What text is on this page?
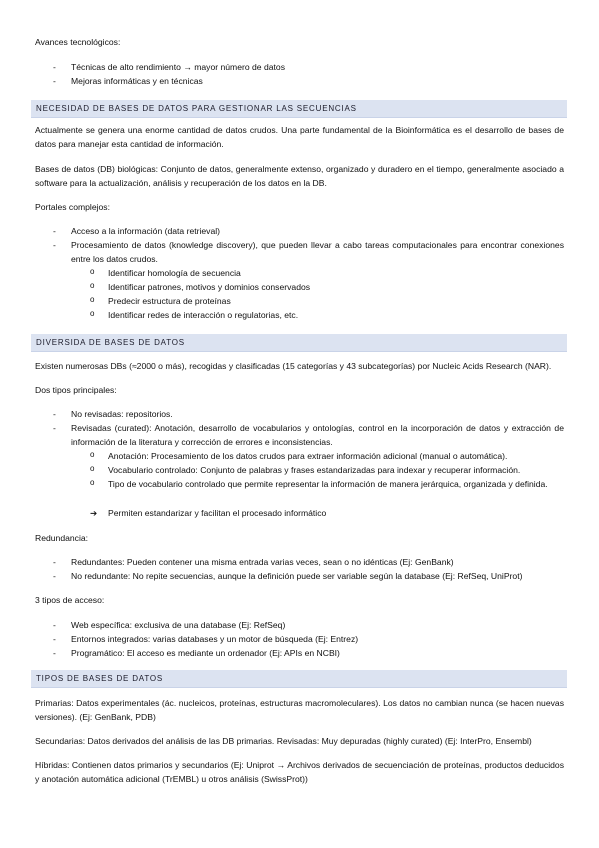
Avances tecnológicos:

- Técnicas de alto rendimiento → mayor número de datos
- Mejoras informáticas y en técnicas
NECESIDAD DE BASES DE DATOS PARA GESTIONAR LAS SECUENCIAS

Actualmente se genera una enorme cantidad de datos crudos. Una parte fundamental de la Bioinformática es el desarrollo de bases de datos para manejar esta cantidad de información.

Bases de datos (DB) biológicas: Conjunto de datos, generalmente extenso, organizado y duradero en el tiempo, generalmente asociado a software para la actualización, análisis y recuperación de los datos en la DB.

Portales complejos:

- Acceso a la información (data retrieval)
- Procesamiento de datos (knowledge discovery), que pueden llevar a cabo tareas computacionales para encontrar conexiones entre los datos crudos.
o Identificar homología de secuencia
o Identificar patrones, motivos y dominios conservados
o Predecir estructura de proteínas
o Identificar redes de interacción o regulatorias, etc.
DIVERSIDA DE BASES DE DATOS

Existen numerosas DBs (≈2000 o más), recogidas y clasificadas (15 categorías y 43 subcategorías) por Nucleic Acids Research (NAR).

Dos tipos principales:

- No revisadas: repositorios.
- Revisadas (curated): Anotación, desarrollo de vocabularios y ontologías, control en la incorporación de datos y extracción de información de la literatura y corrección de errores e inconsistencias.
o Anotación: Procesamiento de los datos crudos para extraer información adicional (manual o automática).
o Vocabulario controlado: Conjunto de palabras y frases estandarizadas para indexar y recuperar información.
o Tipo de vocabulario controlado que permite representar la información de manera jerárquica, organizada y definida.
➔ Permiten estandarizar y facilitan el procesado informático

Redundancia:

- Redundantes: Pueden contener una misma entrada varias veces, sean o no idénticas (Ej: GenBank)
- No redundante: No repite secuencias, aunque la definición puede ser variable según la database (Ej: RefSeq, UniProt)

3 tipos de acceso:

- Web específica: exclusiva de una database (Ej: RefSeq)
- Entornos integrados: varias databases y un motor de búsqueda (Ej: Entrez)
- Programático: El acceso es mediante un ordenador (Ej: APIs en NCBI)
TIPOS DE BASES DE DATOS

Primarias: Datos experimentales (ác. nucleicos, proteínas, estructuras macromoleculares). Los datos no cambian nunca (se hacen nuevas versiones). (Ej: GenBank, PDB)

Secundarias: Datos derivados del análisis de las DB primarias. Revisadas: Muy depuradas (highly curated) (Ej: InterPro, Ensembl)

Híbridas: Contienen datos primarios y secundarios (Ej: Uniprot → Archivos derivados de secuenciación de proteínas, productos deducidos y anotación automática adicional (TrEMBL) u otros análisis (SwissProt))
